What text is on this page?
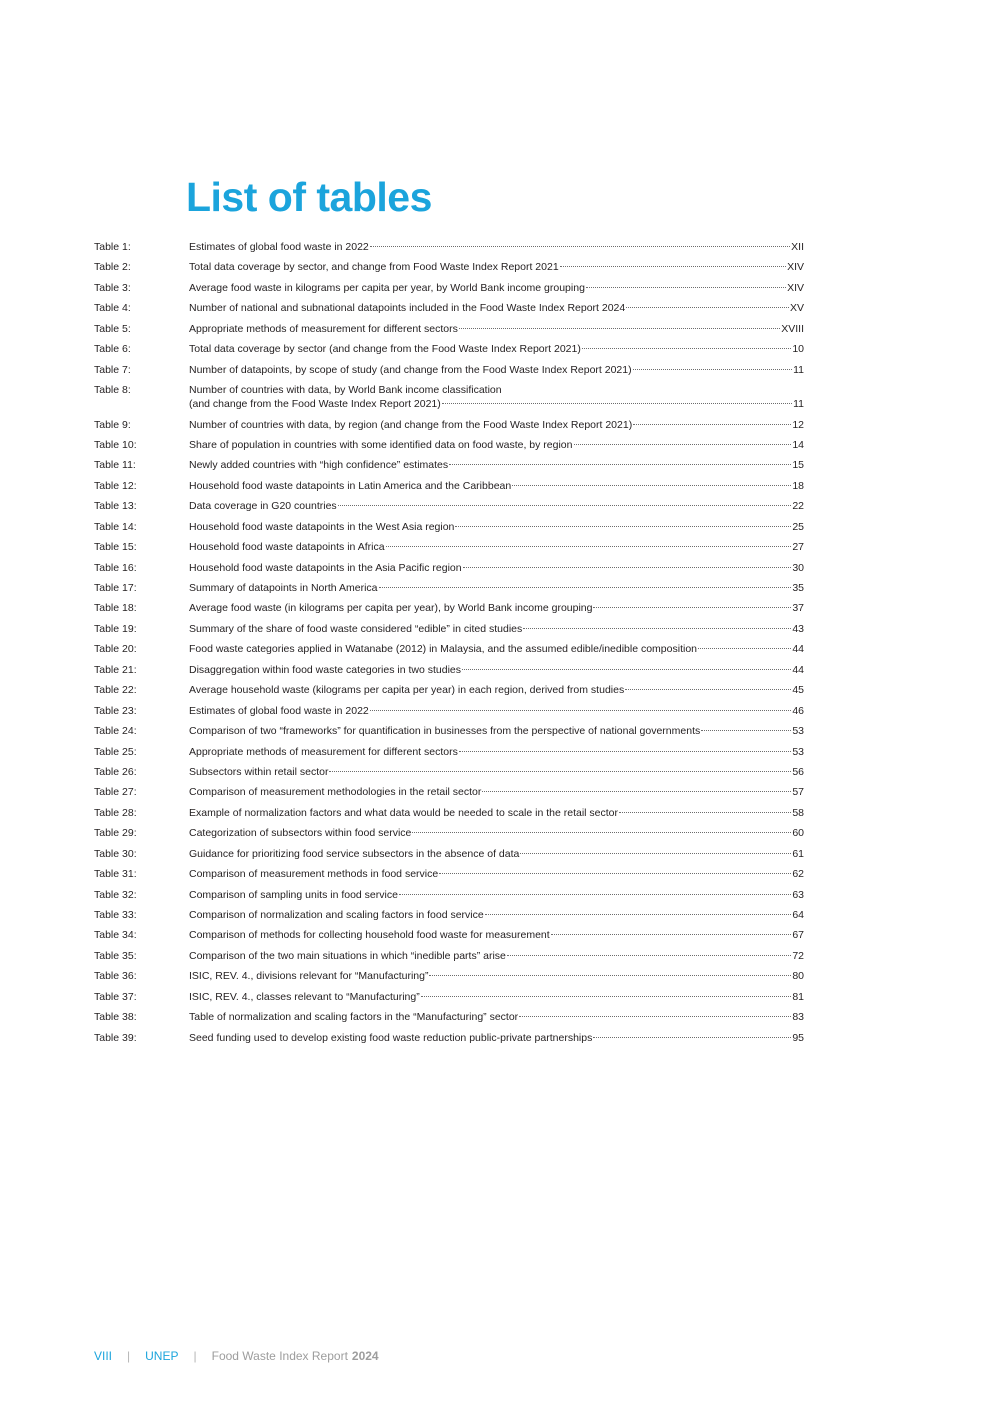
List of tables
Table 1:	Estimates of global food waste in 2022	XII
Table 2:	Total data coverage by sector, and change from Food Waste Index Report 2021	XIV
Table 3:	Average food waste in kilograms per capita per year, by World Bank income grouping	XIV
Table 4:	Number of national and subnational datapoints included in the Food Waste Index Report 2024	XV
Table 5:	Appropriate methods of measurement for different sectors	XVIII
Table 6:	Total data coverage by sector (and change from the Food Waste Index Report 2021)	10
Table 7:	Number of datapoints, by scope of study (and change from the Food Waste Index Report 2021)	11
Table 8:	Number of countries with data, by World Bank income classification
(and change from the Food Waste Index Report 2021)	11
Table 9:	Number of countries with data, by region (and change from the Food Waste Index Report 2021)	12
Table 10:	Share of population in countries with some identified data on food waste, by region	14
Table 11:	Newly added countries with “high confidence” estimates	15
Table 12:	Household food waste datapoints in Latin America and the Caribbean	18
Table 13:	Data coverage in G20 countries	22
Table 14:	Household food waste datapoints in the West Asia region	25
Table 15:	Household food waste datapoints in Africa	27
Table 16:	Household food waste datapoints in the Asia Pacific region	30
Table 17:	Summary of datapoints in North America	35
Table 18:	Average food waste (in kilograms per capita per year), by World Bank income grouping	37
Table 19:	Summary of the share of food waste considered “edible” in cited studies	43
Table 20:	Food waste categories applied in Watanabe (2012) in Malaysia, and the assumed edible/inedible composition	44
Table 21:	Disaggregation within food waste categories in two studies	44
Table 22:	Average household waste (kilograms per capita per year) in each region, derived from studies	45
Table 23:	Estimates of global food waste in 2022	46
Table 24:	Comparison of two “frameworks” for quantification in businesses from the perspective of national governments	53
Table 25:	Appropriate methods of measurement for different sectors	53
Table 26:	Subsectors within retail sector	56
Table 27:	Comparison of measurement methodologies in the retail sector	57
Table 28:	Example of normalization factors and what data would be needed to scale in the retail sector	58
Table 29:	Categorization of subsectors within food service	60
Table 30:	Guidance for prioritizing food service subsectors in the absence of data	61
Table 31:	Comparison of measurement methods in food service	62
Table 32:	Comparison of sampling units in food service	63
Table 33:	Comparison of normalization and scaling factors in food service	64
Table 34:	Comparison of methods for collecting household food waste for measurement	67
Table 35:	Comparison of the two main situations in which “inedible parts” arise	72
Table 36:	ISIC, REV. 4., divisions relevant for “Manufacturing”	80
Table 37:	ISIC, REV. 4., classes relevant to “Manufacturing”	81
Table 38:	Table of normalization and scaling factors in the “Manufacturing” sector	83
Table 39:	Seed funding used to develop existing food waste reduction public-private partnerships	95
VIII | UNEP | Food Waste Index Report 2024
